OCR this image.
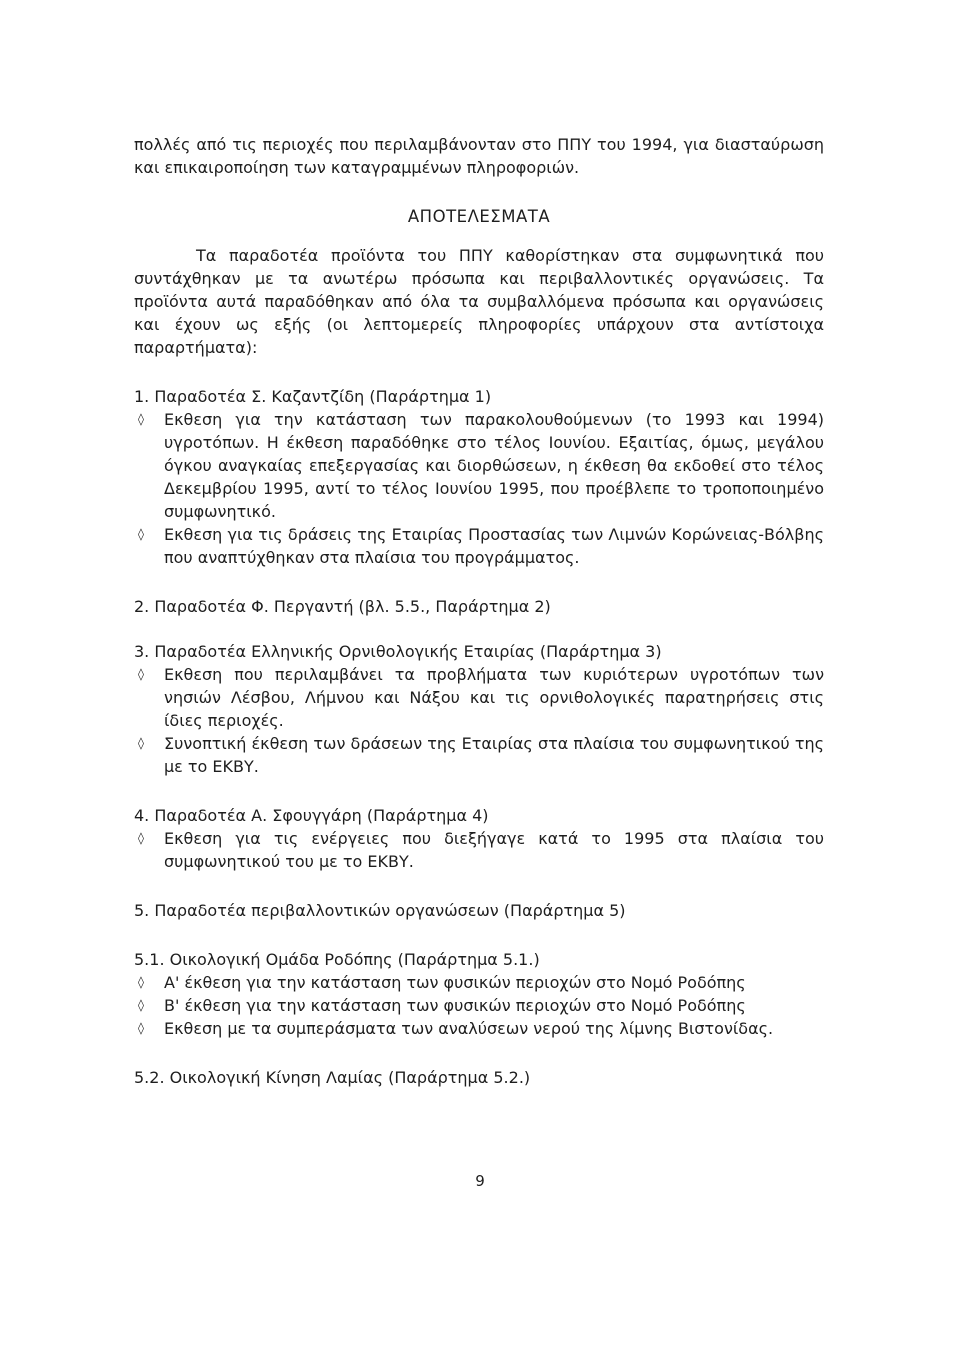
πολλές από τις περιοχές που περιλαμβάνονταν στο ΠΠΥ του 1994, για διασταύρωση και επικαιροποίηση των καταγραμμένων πληροφοριών.

ΑΠΟΤΕΛΕΣΜΑΤΑ

Τα παραδοτέα προϊόντα του ΠΠΥ καθορίστηκαν στα συμφωνητικά που συντάχθηκαν με τα ανωτέρω πρόσωπα και περιβαλλοντικές οργανώσεις. Τα προϊόντα αυτά παραδόθηκαν από όλα τα συμβαλλόμενα πρόσωπα και οργανώσεις και έχουν ως εξής (οι λεπτομερείς πληροφορίες υπάρχουν στα αντίστοιχα παραρτήματα):

1. Παραδοτέα Σ. Καζαντζίδη (Παράρτημα 1)

◊ Εκθεση για την κατάσταση των παρακολουθούμενων (το 1993 και 1994) υγροτόπων. Η έκθεση παραδόθηκε στο τέλος Ιουνίου. Εξαιτίας, όμως, μεγάλου όγκου αναγκαίας επεξεργασίας και διορθώσεων, η έκθεση θα εκδοθεί στο τέλος Δεκεμβρίου 1995, αντί το τέλος Ιουνίου 1995, που προέβλεπε το τροποποιημένο συμφωνητικό.

◊ Εκθεση για τις δράσεις της Εταιρίας Προστασίας των Λιμνών Κορώνειας-Βόλβης που αναπτύχθηκαν στα πλαίσια του προγράμματος.

2. Παραδοτέα Φ. Περγαντή (βλ. 5.5., Παράρτημα 2)
3. Παραδοτέα Ελληνικής Ορνιθολογικής Εταιρίας (Παράρτημα 3)

◊ Εκθεση που περιλαμβάνει τα προβλήματα των κυριότερων υγροτόπων των νησιών Λέσβου, Λήμνου και Νάξου και τις ορνιθολογικές παρατηρήσεις στις ίδιες περιοχές.

◊ Συνοπτική έκθεση των δράσεων της Εταιρίας στα πλαίσια του συμφωνητικού της με το ΕΚΒΥ.

4. Παραδοτέα Α. Σφουγγάρη (Παράρτημα 4)

◊ Εκθεση για τις ενέργειες που διεξήγαγε κατά το 1995 στα πλαίσια του συμφωνητικού του με το ΕΚΒΥ.

5. Παραδοτέα περιβαλλοντικών οργανώσεων (Παράρτημα 5)
5.1. Οικολογική Ομάδα Ροδόπης (Παράρτημα 5.1.)

◊ Α' έκθεση για την κατάσταση των φυσικών περιοχών στο Νομό Ροδόπης

◊ Β' έκθεση για την κατάσταση των φυσικών περιοχών στο Νομό Ροδόπης

◊ Εκθεση με τα συμπεράσματα των αναλύσεων νερού της λίμνης Βιστονίδας.

5.2. Οικολογική Κίνηση Λαμίας (Παράρτημα 5.2.)
9
